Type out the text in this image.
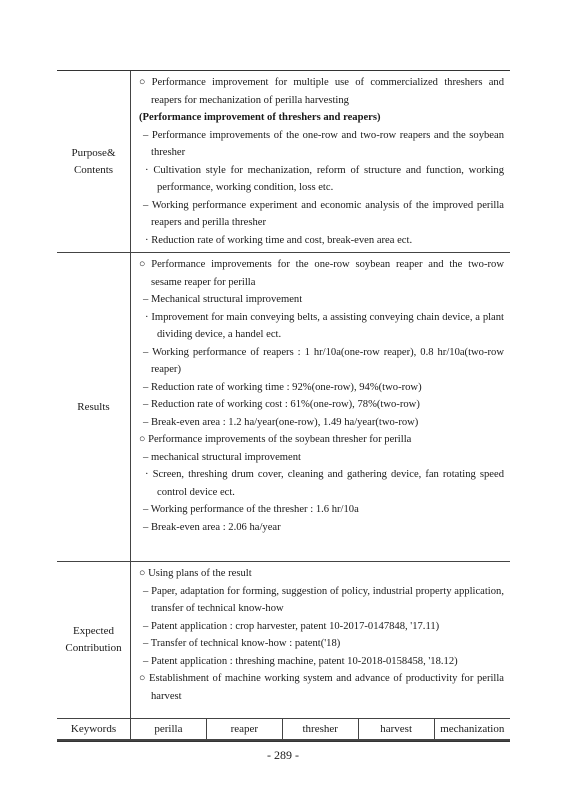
Purpose&
Contents	
○ Performance improvement for multiple use of commercialized threshers and reapers for mechanization of perilla harvesting
(Performance improvement of threshers and reapers)
– Performance improvements of the one‐row and two‐row reapers and the soybean thresher
· Cultivation style for mechanization, reform of structure and function, working performance, working condition, loss etc.
– Working performance experiment and economic analysis of the improved perilla reapers and perilla thresher
· Reduction rate of working time and cost, break‐even area ect.

Results	
○ Performance improvements for the one‐row soybean reaper and the two‐row sesame reaper for perilla
– Mechanical structural improvement
· Improvement for main conveying belts, a assisting conveying chain device, a plant dividing device, a handel ect.
– Working performance of reapers : 1 hr/10a(one‐row reaper), 0.8 hr/10a(two‐row reaper)
– Reduction rate of working time : 92%(one‐row), 94%(two‐row)
– Reduction rate of working cost : 61%(one‐row), 78%(two‐row)
– Break‐even area : 1.2 ha/year(one‐row), 1.49 ha/year(two‐row)
○ Performance improvements of the soybean thresher for perilla
– mechanical structural improvement
· Screen, threshing drum cover, cleaning and gathering device, fan rotating speed control device ect.
– Working performance of the thresher : 1.6 hr/10a
– Break‐even area : 2.06 ha/year

Expected
Contribution	
○ Using plans of the result
– Paper, adaptation for forming, suggestion of policy, industrial property application, transfer of technical know‐how
– Patent application : crop harvester, patent 10‐2017‐0147848, '17.11)
– Transfer of technical know‐how : patent('18)
– Patent application : threshing machine, patent 10‐2018‐0158458, '18.12)
○ Establishment of machine working system and advance of productivity for perilla harvest

Keywords	perilla	reaper	thresher	harvest	mechanization
- 289 -
